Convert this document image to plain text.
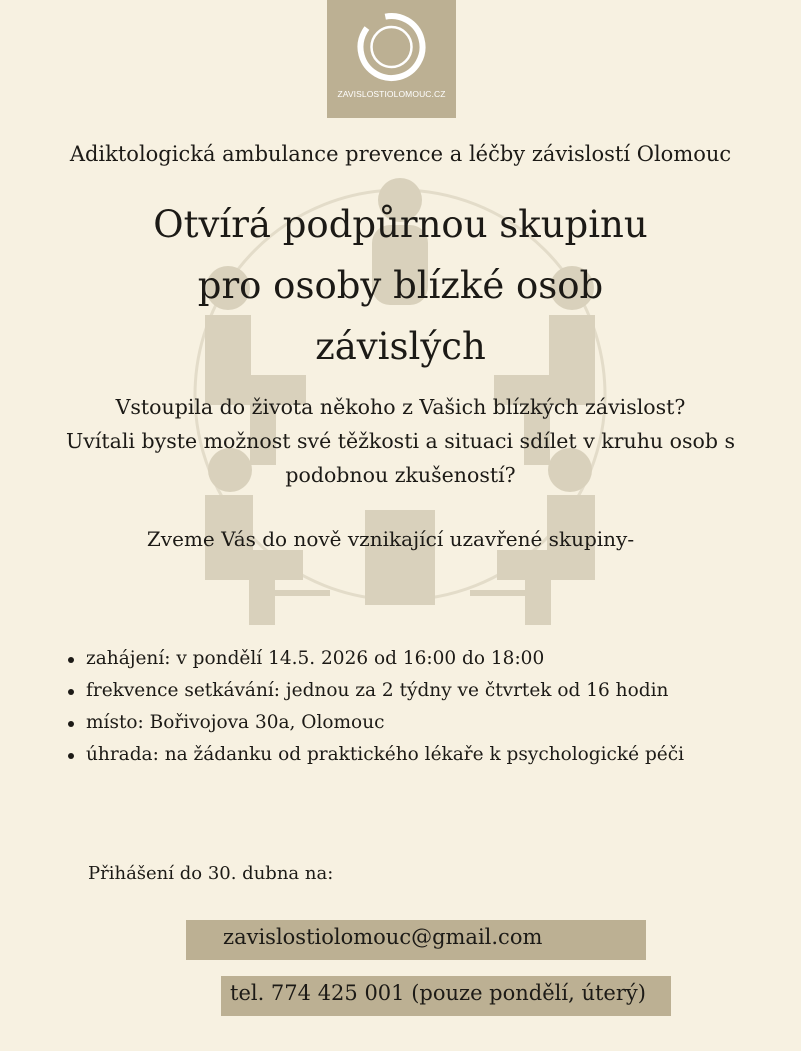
ZAVISLOSTIOLOMOUC.CZ
Adiktologická ambulance prevence a léčby závislostí Olomouc
Otvírá podpůrnou skupinu
pro osoby blízké osob
závislých
Vstoupila do života někoho z Vašich blízkých závislost?
Uvítali byste možnost své těžkosti a situaci sdílet v kruhu osob s
podobnou zkušeností?
Zveme Vás do nově vznikající uzavřené skupiny-
zahájení: v pondělí 14.5. 2026 od 16:00 do 18:00
frekvence setkávání: jednou za 2 týdny ve čtvrtek od 16 hodin
místo: Bořivojova 30a, Olomouc
úhrada: na žádanku od praktického lékaře k psychologické péči
Přihášení do 30. dubna na:
zavislostiolomouc@gmail.com
tel. 774 425 001 (pouze pondělí, úterý)
